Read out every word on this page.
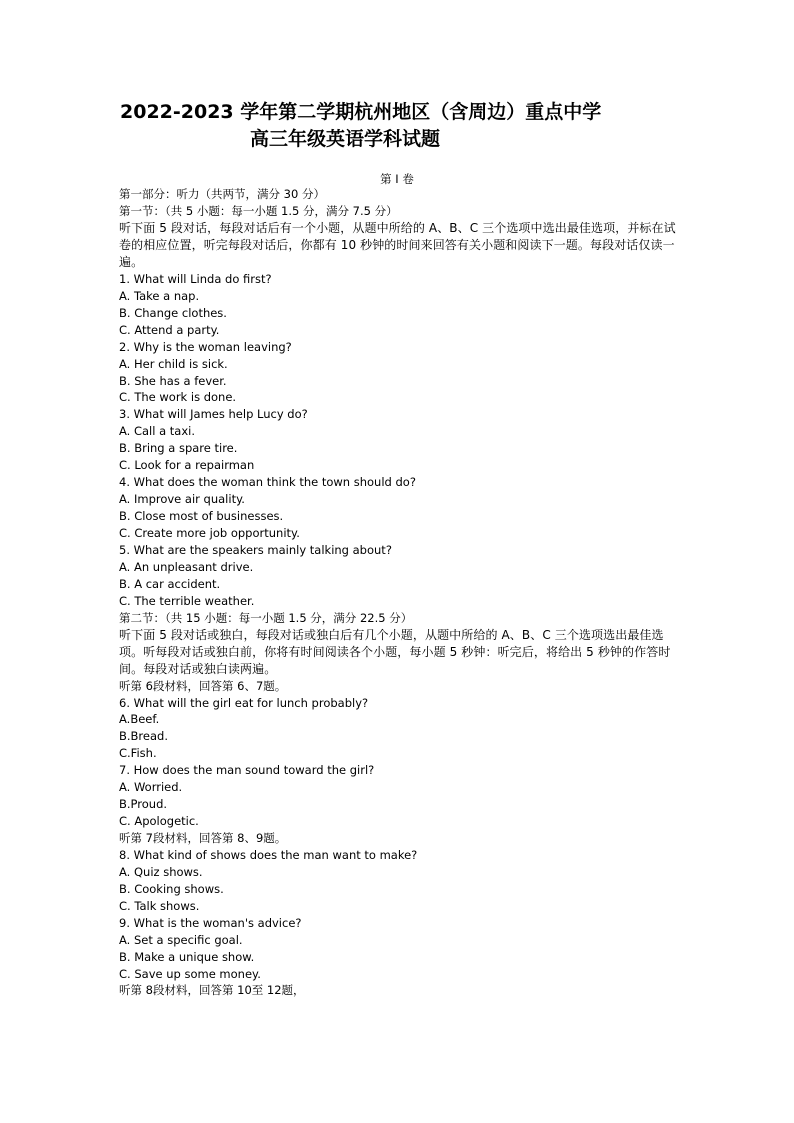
2022-2023 学年第二学期杭州地区（含周边）重点中学
高三年级英语学科试题
第 I 卷
第一部分：听力（共两节，满分 30 分）
第一节：（共 5 小题：每一小题 1.5 分，满分 7.5 分）
听下面 5 段对话，每段对话后有一个小题，从题中所给的 A、B、C 三个选项中选出最佳选项，并标在试卷的相应位置，听完每段对话后，你都有 10 秒钟的时间来回答有关小题和阅读下一题。每段对话仅读一遍。
1. What will Linda do first?
A. Take a nap.
B. Change clothes.
C. Attend a party.
2. Why is the woman leaving?
A. Her child is sick.
B. She has a fever.
C. The work is done.
3. What will James help Lucy do?
A. Call a taxi.
B. Bring a spare tire.
C. Look for a repairman
4. What does the woman think the town should do?
A. Improve air quality.
B. Close most of businesses.
C. Create more job opportunity.
5. What are the speakers mainly talking about?
A. An unpleasant drive.
B. A car accident.
C. The terrible weather.
第二节：（共 15 小题：每一小题 1.5 分，满分 22.5 分）
听下面 5 段对话或独白，每段对话或独白后有几个小题，从题中所给的 A、B、C 三个选项选出最佳选项。听每段对话或独白前，你将有时间阅读各个小题，每小题 5 秒钟：听完后，将给出 5 秒钟的作答时间。每段对话或独白读两遍。
听第 6段材料，回答第 6、7题。
6. What will the girl eat for lunch probably?
A.Beef.
B.Bread.
C.Fish.
7. How does the man sound toward the girl?
A. Worried.
B.Proud.
C. Apologetic.
听第 7段材料，回答第 8、9题。
8. What kind of shows does the man want to make?
A. Quiz shows.
B. Cooking shows.
C. Talk shows.
9. What is the woman's advice?
A. Set a specific goal.
B. Make a unique show.
C. Save up some money.
听第 8段材料，回答第 10至 12题，
